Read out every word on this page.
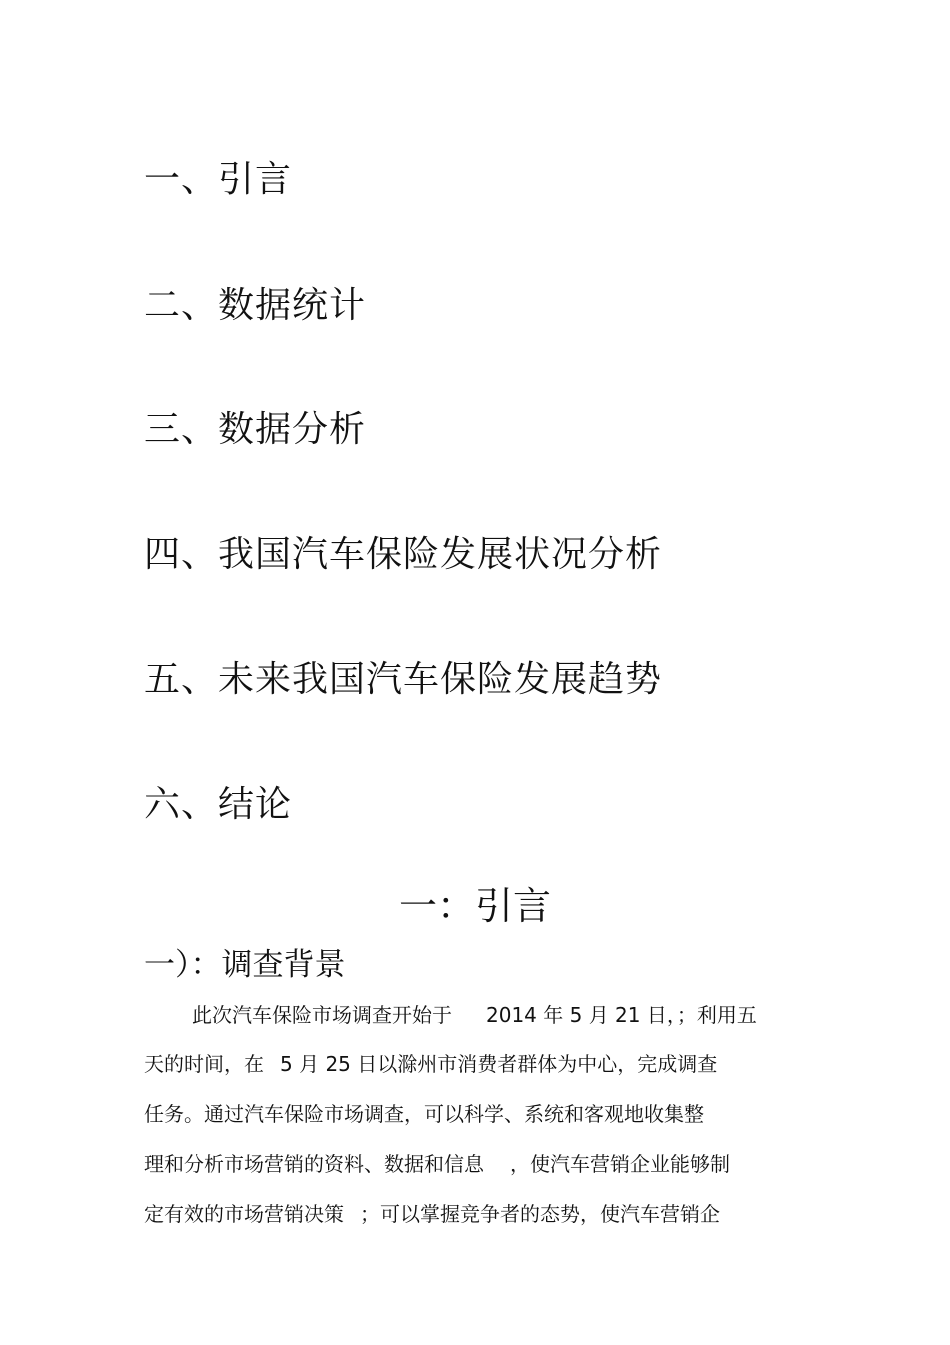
一、引言
二、数据统计
三、数据分析
四、我国汽车保险发展状况分析
五、未来我国汽车保险发展趋势
六、结论
一：引言
一）：调查背景
此次汽车保险市场调查开始于 2014 年 5 月 21 日，；利用五
天的时间，在 5 月 25 日以滁州市消费者群体为中心，完成调查
任务。通过汽车保险市场调查，可以科学、系统和客观地收集整
理和分析市场营销的资料、数据和信息 ，使汽车营销企业能够制
定有效的市场营销决策 ；可以掌握竞争者的态势，使汽车营销企
